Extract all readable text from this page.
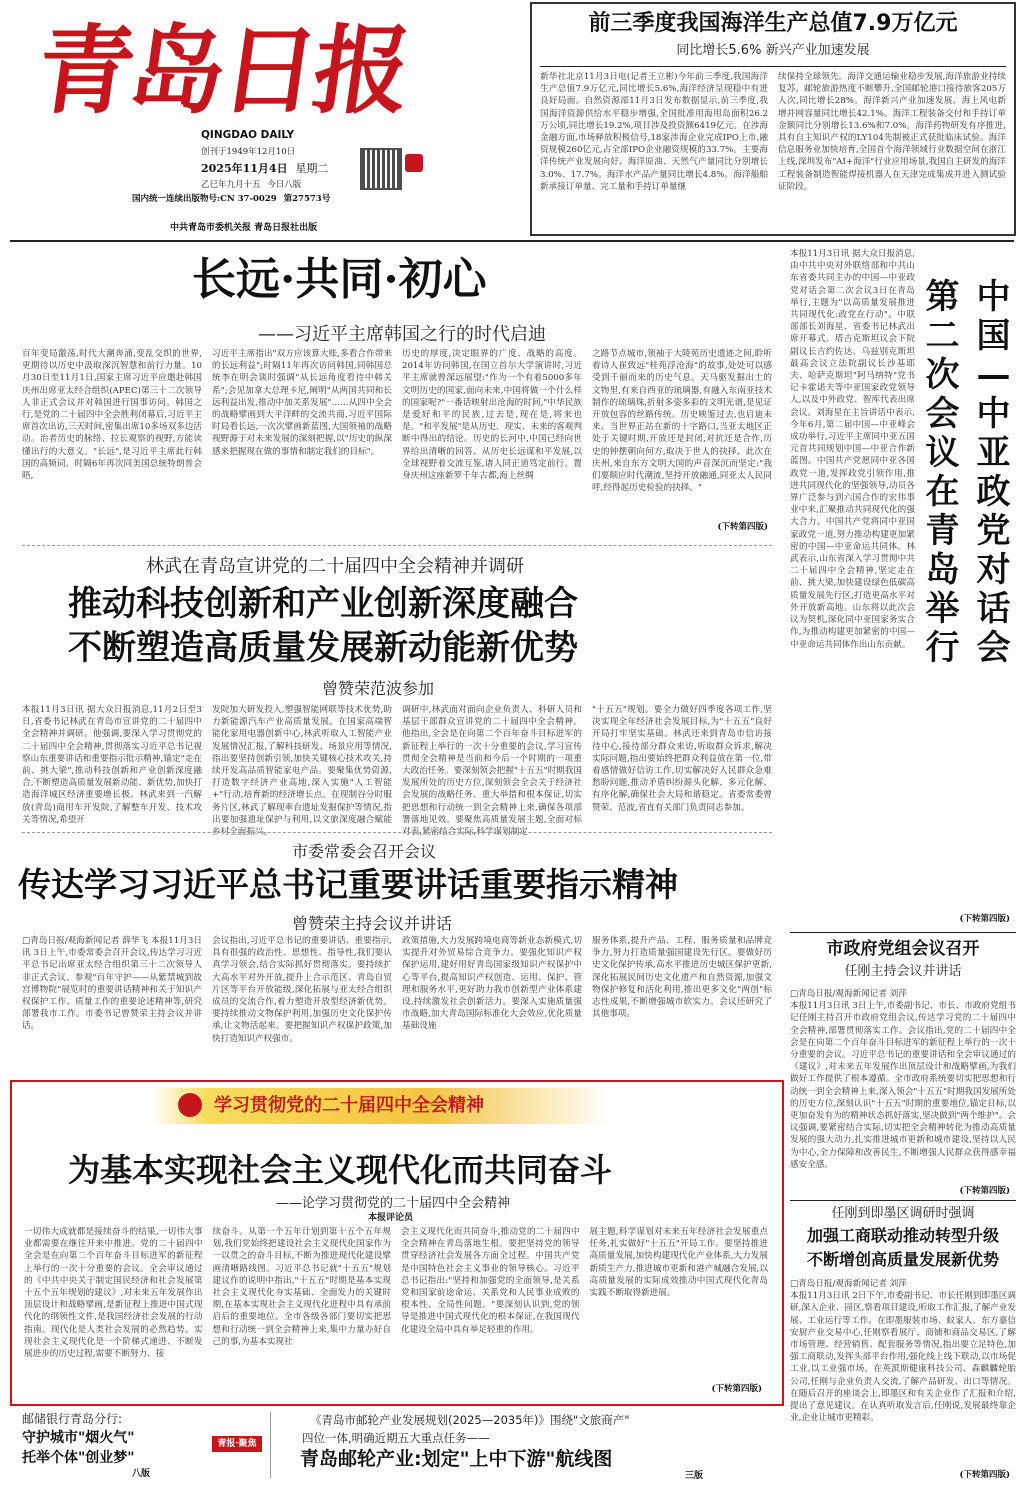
青岛日报
QINGDAO DAILY
创刊于1949年12月10日
2025年11月4日 星期二
乙巳年九月十五 今日八版
国内统一连续出版物号:CN 37-0029 第27573号
中共青岛市委机关报 青岛日报社出版
前三季度我国海洋生产总值7.9万亿元
同比增长5.6% 新兴产业加速发展
新华社北京11月3日电(记者王立彬)今年前三季度,我国海洋生产总值7.9万亿元,同比增长5.6%,海洋经济呈现稳中有进良好局面。自然资源部11月3日发布数据显示,前三季度,我国海洋资源供给水平稳步增强,全国批准用海用岛面积26.2万公顷,同比增长19.2%,项目涉及投资额6419亿元。在涉海金融方面,市场释放积极信号,18家涉海企业完成IPO上市,融资规模260亿元,占全部IPO企业融资规模的33.7%。主要海洋传统产业发展向好。海洋原油、天然气产量同比分别增长3.0%、17.7%。海洋水产品产量同比增长4.8%。海洋船舶新承接订单量、完工量和手持订单量继
续保持全球领先。海洋交通运输业稳步发展,海洋旅游业持续复苏。邮轮旅游热度不断攀升,全国邮轮港口接待旅客205万人次,同比增长28%。海洋新兴产业加速发展。海上风电新增并网容量同比增长42.1%。海洋工程装备交付和手持订单金额同比分别增长13.6%和7.0%。海洋药物研发有序推进,具有自主知识产权的LY104先制被正式获批临床试验。海洋信息服务业加快培育,全国首个海洋领域行业数据空间在浙江上线,深圳发布"AI+海洋"行业应用场景,我国自主研发的海洋工程装备制造智能焊接机器人在天津完成集成并进入测试验证阶段。
长远·共同·初心
——习近平主席韩国之行的时代启迪
百年变局激荡,时代大潮奔涌,变乱交织的世界,更期待以历史中汲取深沉智慧和前行力量。10月30日至11月1日,国家主席习近平应邀赴韩国庆州出席亚太经合组织(APEC)第三十二次领导人非正式会议并对韩国进行国事访问。韩国之行,是党的二十届四中全会胜利闭幕后,习近平主席首次出访,三天时间,密集出席10多场双多边活动。治者历史的脉络、拉长观察的视野,方能读懂出行的大意义。"长远",是习近平主席此行韩国的高频词。时隔6年再次同美国总统特朗普会晤,
习近平主席指出"双方应该算大账,多看合作带来的长远利益";时隔11年再次访问韩国,同韩国总统李在明会谈时强调"从长远角度看待中韩关系";会见加拿大总理卡尼,阐明"从两国共同和长远利益出发,推动中加关系发展"……从四中全会的战略擘画到大平洋畔的交流共商,习近平国际时局看长远,一次次擘画新蓝图,大国领袖的战略视野源于对未来发展的深刻把握,以"历史的纵深感来把握现在做的事情和制定我们的目标"。
历史的厚度,决定眼界的广度、战略的高度。2014年访问韩国,在国立首尔大学演讲时,习近平主席就曾深远展望:"作为一个有着5000多年文明历史的国家,面向未来,中国将做一个什么样的国家呢?"一番话映射出沧海的时间,"中华民族是爱好和平的民族,过去是,现在是,将来也是。"和平发展"是从历史、现实、未来的客观判断中得出的结论。历史的长河中,中国已经向世界给出清晰的回答。从历史长远谋和平发展,以全球视野着交流互鉴,诸人同正道笃定前行。置身庆州这座新罗千年古都,海上丝绸
之路节点城市,领袖于大陵苑历史遗迹之间,聆听着诗人崔致远"桂苑浮沧海"的故事,处处可以感受到千丽而来的历史气息。天马驱发掘出土的文物里,有来自西亚的琉璃器,有融入东南亚技术制作的琉璃珠,折射多姿多彩的文明光谱,是见证开放包容的丝路传统。历史映鉴过去,也启迪未来。当世界正站在新的十字路口,当亚太地区正处于关键时期,开放还是封闭,对抗还是合作,历史的钟摆朝向何方,取决于世人的抉择。此次在庆州,来自东方文明大国的声音深沉而坚定:"我们要顺应时代潮流,坚持开放融通,同亚太人民同呼,经得起历史检验的抉择。"
(下转第四版)
林武在青岛宣讲党的二十届四中全会精神并调研
推动科技创新和产业创新深度融合
不断塑造高质量发展新动能新优势
曾赞荣范波参加
本报11月3日讯 据大众日报消息,11月2日至3日,省委书记林武在青岛市宣讲党的二十届四中全会精神并调研。他强调,要深入学习贯彻党的二十届四中全会精神,贯彻落实习近平总书记视察山东重要讲话和重要指示批示精神,锚定"走在前、挑大梁",推动科技创新和产业创新深度融合,不断塑造高质量发展新动能、新优势,加快打造海洋城区经济重要增长极。林武来到一汽解放(青岛)商用车开发院,了解整车开发、技术攻关等情况,希望开
发院加大研发投入,塑强智能网联等技术优势,助力新能源汽车产业高质量发展。在国家高端智能化家用电器创新中心,林武听取人工智能产业发展情况汇报,了解科技研发、场景应用等情况,指出要坚持创新引领,加快关键核心技术攻关,持续开发高品质智能家电产品。要聚集优势资源,打造数字经济产业高地,深入实施"人工智能+"行动,培育新的经济增长点。在现制谷分时服务片区,林武了解现率台遗址发掘保护等情况,指出要加强遗址保护与利用,以文旅深度融合赋能乡村全面振兴。
调研中,林武面对面向企业负责人、科研人员和基层干部群众宣讲党的二十届四中全会精神。他指出,全会是在向第二个百年奋斗目标进军的新征程上举行的一次十分重要的会议,学习宣传贯彻全会精神是当前和今后一个时期的一项重大政治任务。要深刻领会把握"十五五"时期我国发展所处的历史方位,深刻领会全会关于经济社会发展的战略任务、重大举措和根本保证,切实把思想和行动统一到全会精神上来,确保各项部署落地见效。要聚焦高质量发展主题,全面对标对表,紧密结合实际,科学谋划制定
"十五五"规划。要全力做好四季度各项工作,坚决实现全年经济社会发展目标,为"十五五"良好开局打牢坚实基础。林武还来到青岛市信访接待中心,接待部分群众来访,听取群众诉求,解决实际问题,指出要始终把群众利益放在第一位,带着感情做好信访工作,切实解决好人民群众急难愁盼问题,推动矛盾纠纷源头化解、多元化解、有序化解,确保社会大局和谐稳定。省委常委曾赞荣、范波,省直有关部门负责同志参加。
市委常委会召开会议
传达学习习近平总书记重要讲话重要指示精神
曾赞荣主持会议并讲话
□青岛日报/观海新闻记者 薛华飞 本报11月3日讯 3日上午,市委常委会召开会议,传达学习习近平总书记出席亚太经合组织第三十二次领导人非正式会议、参观"百年守护——从紫禁城到故宫博物院"展览时的重要讲话精神和关于知识产权保护工作、质量工作的重要论述精神等,研究部署我市工作。市委书记曾赞荣主持会议并讲话。
会议指出,习近平总书记的重要讲话、重要指示,具有很强的政治性、思想性、指导性,我们要认真学习领会,结合实际抓好贯彻落实。要持续扩大高水平对外开放,提升上合示范区、青岛自贸片区等平台开放能级,深化拓展与亚太经合组织成员的交流合作,着力塑造开放型经济新优势。要持续推动文物保护利用,加强历史文化保护传承,让文物活起来。要把握知识产权保护政策,加快打造知识产权强市。
政策措施,大力发展跨境电商等新业态新模式,切实提升对外贸易综合竞争力。要强化知识产权保护运用,建好用好青岛国家级知识产权保护中心等平台,提高知识产权创造、运用、保护、管理和服务水平,更好助力我市创新型产业体系建设,持续激发社会创新活力。要深入实施质量强市战略,加大青岛国际标准化大会效应,优化质量基础设施
服务体系,提升产品、工程、服务质量和品牌竞争力,努力打造质量强国建设先行区。要做好历史文化保护传承,高水平推进历史城区保护更新,深化拓展民间历史文化遗产和自然资源,加强文物保护修复和活化利用,推出更多文化"两创"标志性成果,不断增强城市软实力。会议还研究了其他事项。
学习贯彻党的二十届四中全会精神
为基本实现社会主义现代化而共同奋斗
——论学习贯彻党的二十届四中全会精神
本报评论员
一切伟大成就都是接续奋斗的结果,一切伟大事业都需要在继往开来中推进。党的二十届四中全会是在向第二个百年奋斗目标进军的新征程上举行的一次十分重要的会议。全会审议通过的《中共中央关于制定国民经济和社会发展第十五个五年规划的建议》,对未来五年发展作出顶层设计和战略擘画,是新征程上推进中国式现代化的纲领性文件,是我国经济社会发展的行动指南。现代化是人类社会发展的必然趋势。实现社会主义现代化是一个阶梯式递进、不断发展进步的历史过程,需要不断努力、接
续奋斗。从第一个五年计划到第十五个五年规划,我们党始终把建设社会主义现代化国家作为一以贯之的奋斗目标,不断为推进现代化建设擘画清晰路线图。习近平总书记就"十五五"规划建议作的说明中指出,"十五五"时期是基本实现社会主义现代化夯实基础、全面发力的关键时期,在基本实现社会主义现代化进程中具有承前启后的重要地位。全市各级各部门要切实把思想和行动统一到全会精神上来,集中力量办好自己的事,为基本实现社
会主义现代化而共同奋斗,推动党的二十届四中全会精神在青岛落地生根。要把坚持党的领导贯穿经济社会发展各方面全过程。中国共产党是中国特色社会主义事业的领导核心。习近平总书记指出:"坚持和加强党的全面领导,是关系党和国家前途命运、关系党和人民事业成败的根本性、全局性问题。"要深刻认识到,党的领导是推进中国式现代化的根本保证,在我国现代化建设全局中具有举足轻重的作用。
展主题,科学谋划对未来五年经济社会发展重点任务,扎实做好"十五五"开局工作。要坚持推进高质量发展,加快构建现代化产业体系,大力发展新质生产力,推进城市更新和港产城融合发展,以高质量发展的实际成效推动中国式现代化青岛实践不断取得新进展。
(下转第四版)
本报11月3日讯 据大众日报消息,由中共中央对外联络部和中共山东省委共同主办的中国—中亚政党对话会第二次会议3日在青岛举行,主题为"以高质量发展推进共同现代化:政党在行动"。中联部部长刘海星、省委书记林武出席开幕式。塔吉克斯坦议会下院副议长吉约佐达、乌兹别克斯坦最高会议立法院副议长沙基耶夫、哈萨克斯坦"阿马纳特"党书记卡霍诺夫等中亚国家政党领导人,以及中外政党、智库代表出席会议。刘海星在主旨讲话中表示,今年6月,第二届中国—中亚峰会成功举行,习近平主席同中亚五国元首共同规划中国—中亚合作新蓝图。中国共产党愿同中亚各国政党一道,发挥政党引领作用,推进共同现代化的坚强领导,动员各界广泛参与到六国合作的宏伟事业中来,汇聚推动共同现代化的强大合力。中国共产党将同中亚国家政党一道,努力推动构建更加紧密的中国—中亚命运共同体。林武表示,山东省深入学习贯彻中共二十届四中全会精神,坚定走在前、挑大梁,加快建设绿色低碳高质量发展先行区,打造更高水平对外开放新高地。山东将以此次会议为契机,深化同中亚国家务实合作,为推动构建更加紧密的中国—中亚命运共同体作出山东贡献。
第
二
次
会
议
在
青
岛
举
行
中
国
—
中
亚
政
党
对
话
会
(下转第四版)
市政府党组会议召开
任刚主持会议并讲话
□青岛日报/观海新闻记者 刘萍
本报11月3日讯 3日上午,市委副书记、市长、市政府党组书记任刚主持召开市政府党组会议,传达学习党的二十届四中全会精神,部署贯彻落实工作。会议指出,党的二十届四中全会是在向第二个百年奋斗目标进军的新征程上举行的一次十分重要的会议。习近平总书记的重要讲话和全会审议通过的《建议》,对未来五年发展作出顶层设计和战略擘画,为我们做好工作提供了根本遵循。全市政府系统要切实把思想和行动统一到全会精神上来,深入领会"十五五"时期我国发展所处的历史方位,深刻认识"十五五"时期的重要地位,锚定目标,以更加奋发有为的精神状态抓好落实,坚决做到"两个维护"。会议强调,要紧密结合实际,切实把全会精神转化为推动高质量发展的强大动力,扎实推进城市更新和城市建设,坚持以人民为中心,全力保障和改善民生,不断增强人民群众获得感幸福感安全感。
(下转第四版)
任刚到即墨区调研时强调
加强工商联动推动转型升级
不断增创高质量发展新优势
□青岛日报/观海新闻记者 刘萍
本报11月3日讯 2日下午,市委副书记、市长任刚到即墨区调研,深入企业、园区,察看项目建设,听取工作汇报,了解产业发展、工业运行等工作。在即墨服装市场、蚁家人、东方嘉信安厨产业交易中心,任刚察看展厅、商铺和商品交易区,了解市场管理、经营销售、配套服务等情况,指出要立足特色,加强工商联动,发挥头部平台作用,强化线上线下联动,以市场促工业,以工业强市场。在英派斯健康科技公司、森麒麟轮胎公司,任刚与企业负责人交流,了解产品研发、出口等情况。在随后召开的座谈会上,即墨区和有关企业作了汇报和介绍,提出了意见建议。在认真听取发言后,任刚说,发展最终靠企业,企业让城市更精彩。
(下转第四版)
邮储银行青岛分行:
守护城市"烟火气"
托举个体"创业梦"
八版
青报·聚焦
《青岛市邮轮产业发展规划(2025—2035年)》围绕"文旅商产"
四位一体,明确近期五大重点任务——
青岛邮轮产业:划定"上中下游"航线图
三版
